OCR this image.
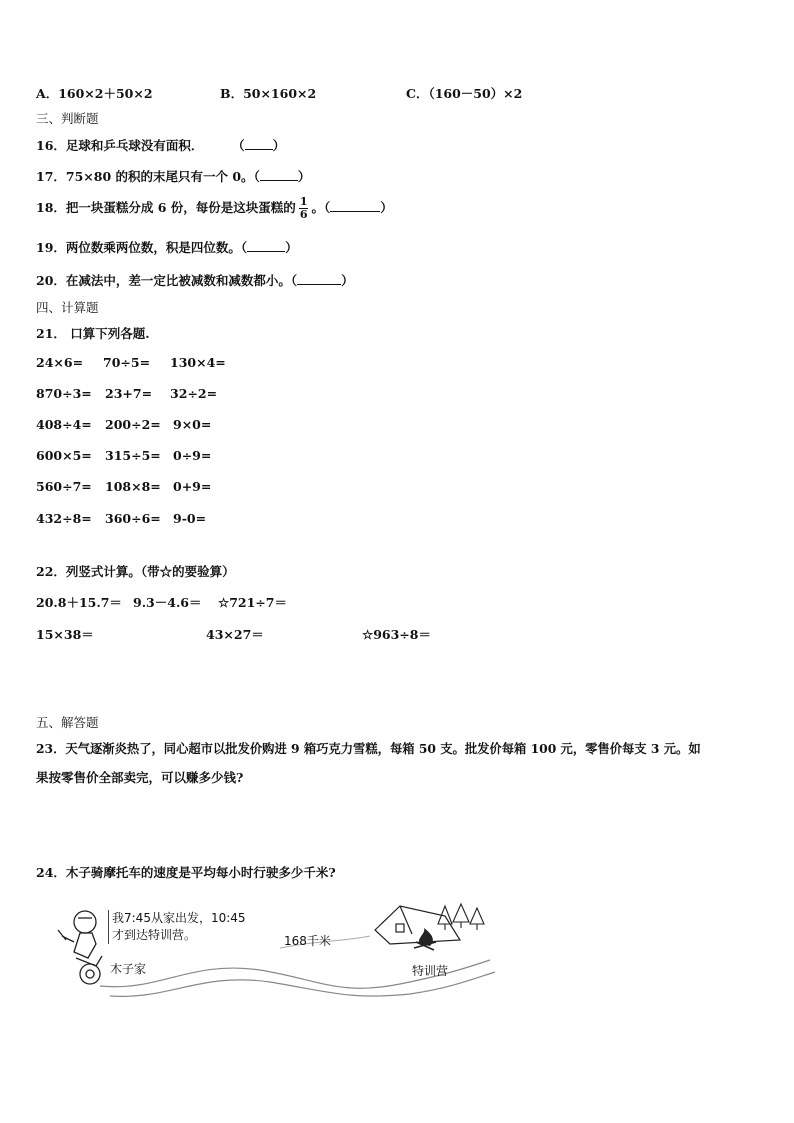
A．160×2＋50×2	B．50×160×2	C．（160－50）×2
三、判断题
16．足球和乒乓球没有面积． （ ）
17．75×80 的积的末尾只有一个 0。（	）
18．把一块蛋糕分成 6 份，每份是这块蛋糕的 $\frac{1}{6}$ 。（	）
19．两位数乘两位数，积是四位数。（	）
20．在减法中，差一定比被减数和减数都小。（	）
四、计算题
21． 口算下列各题.
24×6= 70÷5= 130×4=
870÷3= 23+7= 32÷2=
408÷4= 200÷2= 9×0=
600×5= 315÷5= 0÷9=
560÷7= 108×8= 0+9=
432÷8= 360÷6= 9-0=
22．列竖式计算。（带☆的要验算）
20.8＋15.7＝ 9.3－4.6＝ ☆721÷7＝
15×38＝	43×27＝	☆963÷8＝
五、解答题
23．天气逐渐炎热了，同心超市以批发价购进 9 箱巧克力雪糕，每箱 50 支。批发价每箱 100 元，零售价每支 3 元。如
果按零售价全部卖完，可以赚多少钱?
24．木子骑摩托车的速度是平均每小时行驶多少千米?
我7:45从家出发，10:45
才到达特训营。	168千米
木子家	特训营
